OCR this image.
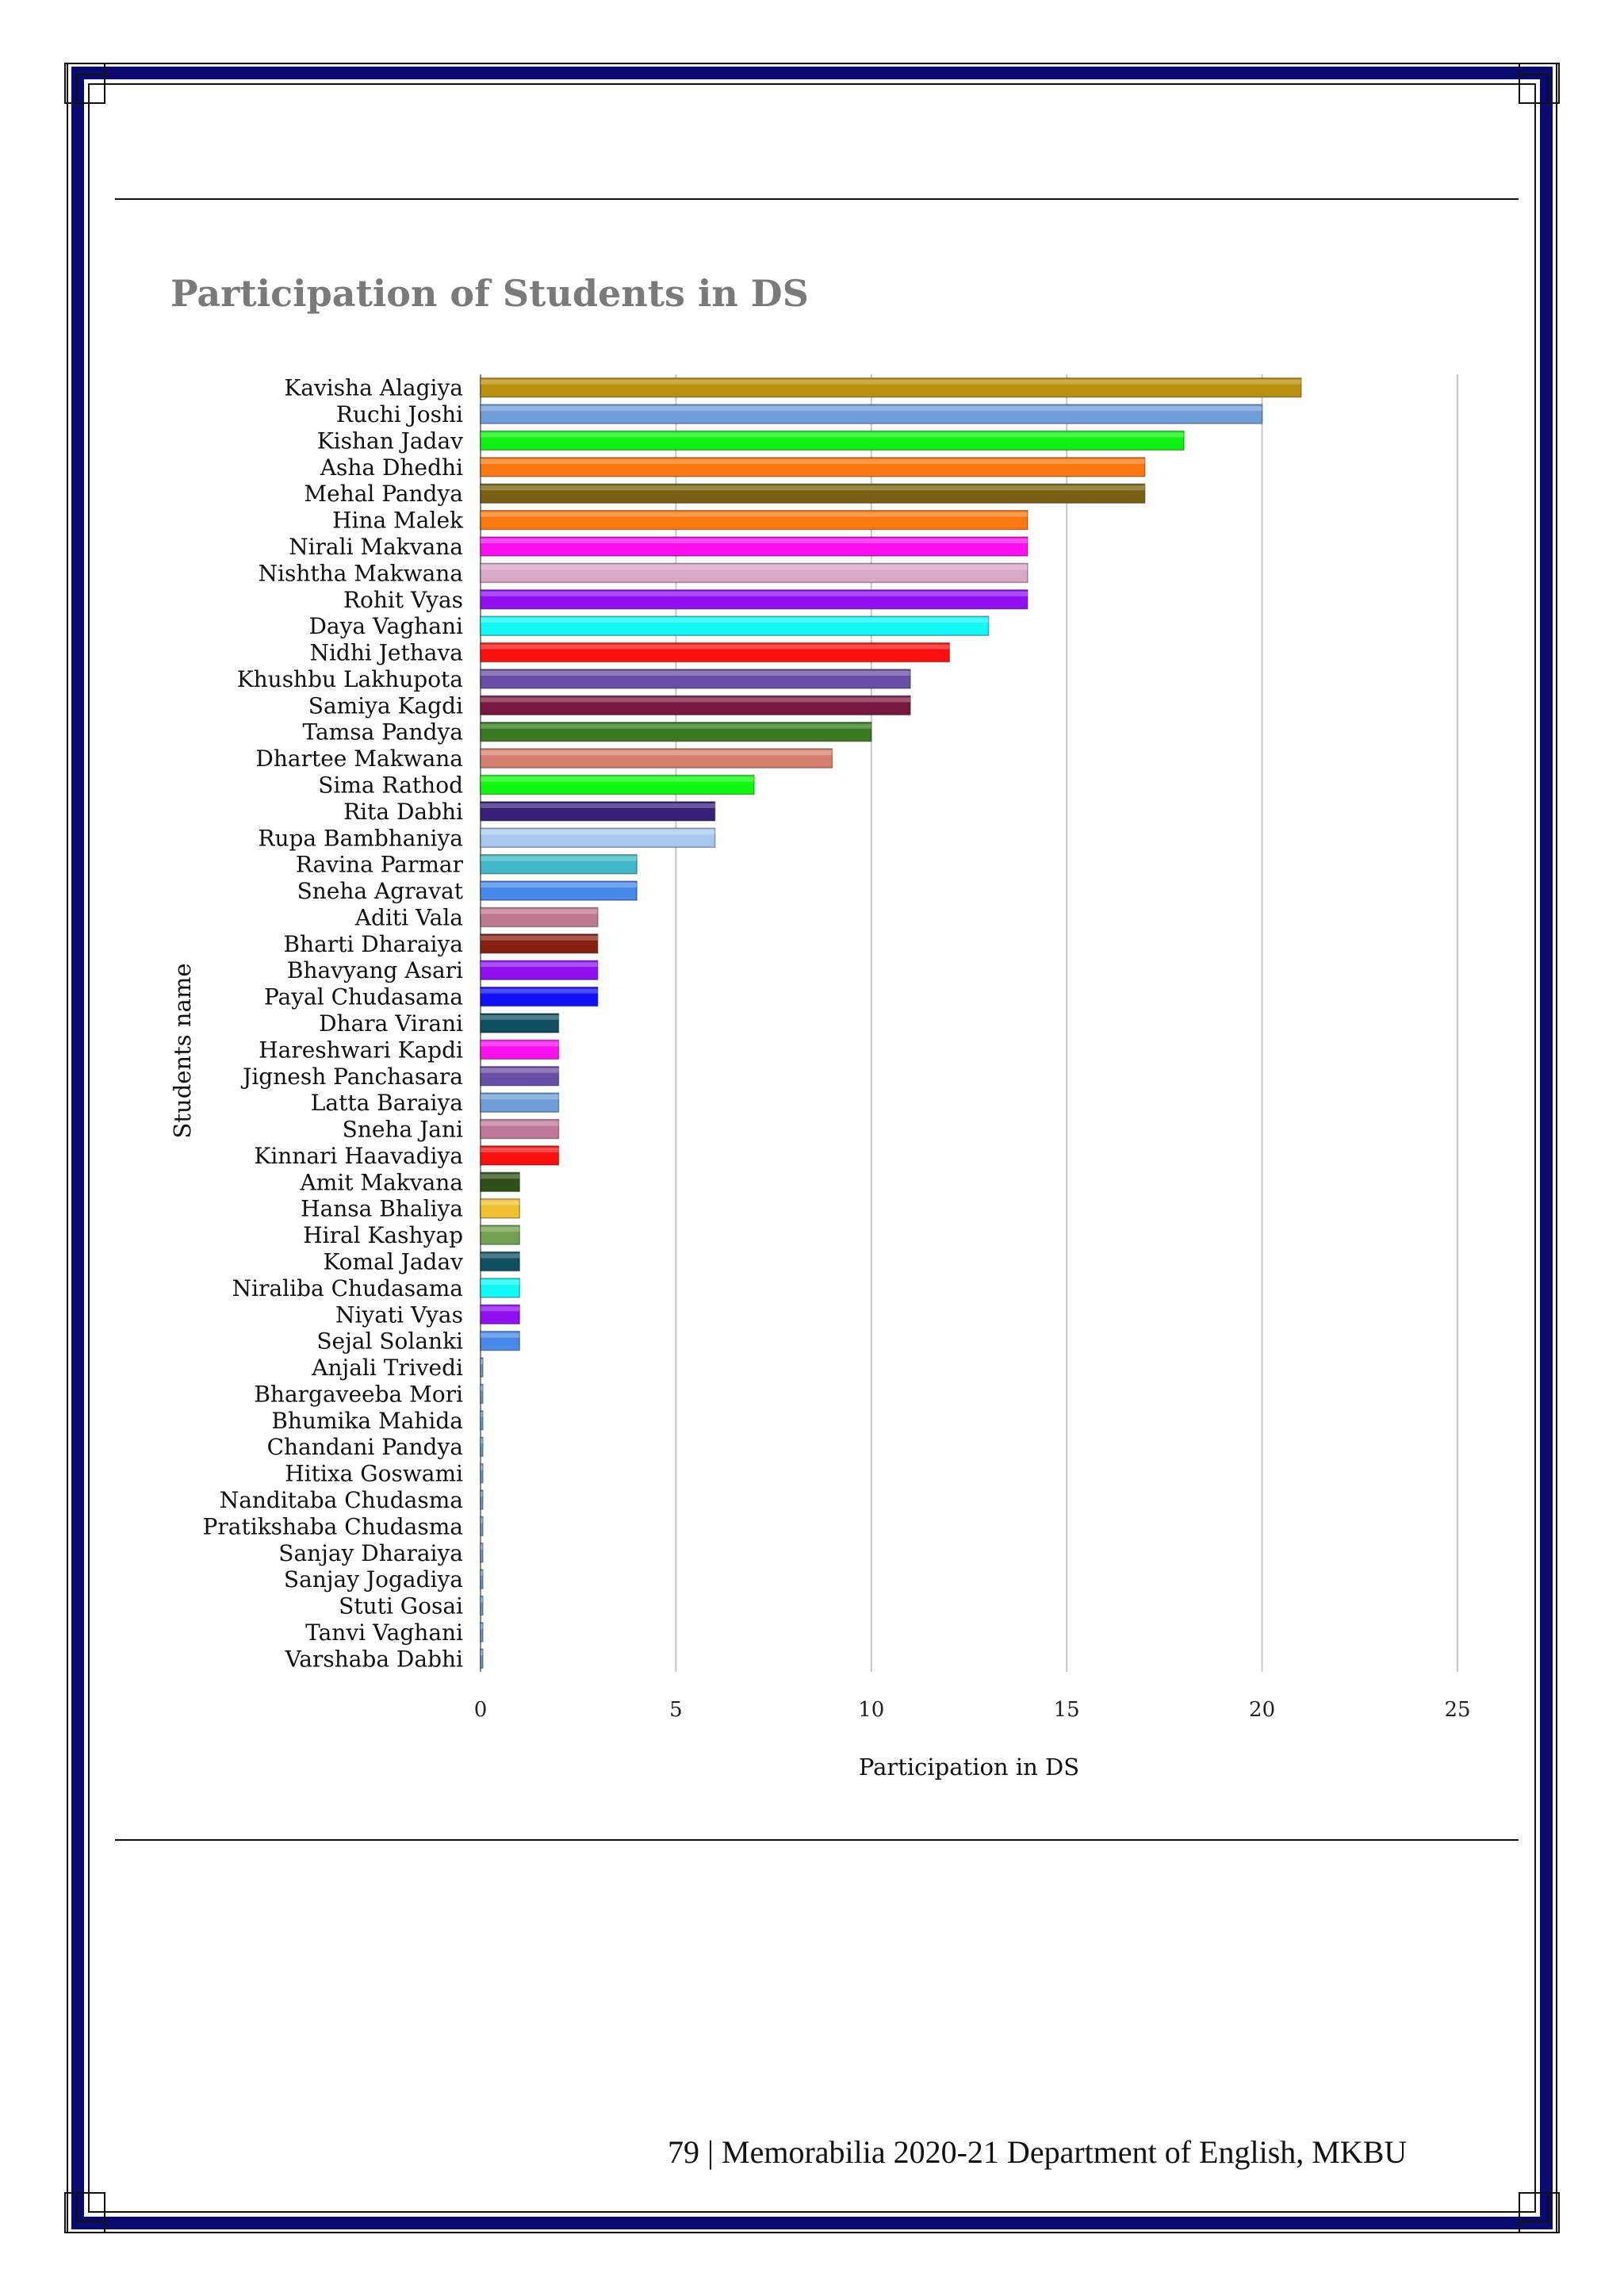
0	5	10	15	20	25
Kavisha Alagiya
Ruchi Joshi
Kishan Jadav
Asha Dhedhi
Mehal Pandya
Hina Malek
Nirali Makvana
Nishtha Makwana
Rohit Vyas
Daya Vaghani
Nidhi Jethava
Khushbu Lakhupota
Samiya Kagdi
Tamsa Pandya
Dhartee Makwana
Sima Rathod
Rita Dabhi
Rupa Bambhaniya
Ravina Parmar
Sneha Agravat
Aditi Vala
Bharti Dharaiya
Bhavyang Asari
Payal Chudasama
Dhara Virani
Hareshwari Kapdi
Jignesh Panchasara
Latta Baraiya
Sneha Jani
Kinnari Haavadiya
Amit Makvana
Hansa Bhaliya
Hiral Kashyap
Komal Jadav
Niraliba Chudasama
Niyati Vyas
Sejal Solanki
Anjali Trivedi
Bhargaveeba Mori
Bhumika Mahida
Chandani Pandya
Hitixa Goswami
Nanditaba Chudasma
Pratikshaba Chudasma
Sanjay Dharaiya
Sanjay Jogadiya
Stuti Gosai
Tanvi Vaghani
Varshaba Dabhi
Participation in DS
Students name
Participation of Students in DS
79 | Memorabilia 2020-21 Department of English, MKBU
